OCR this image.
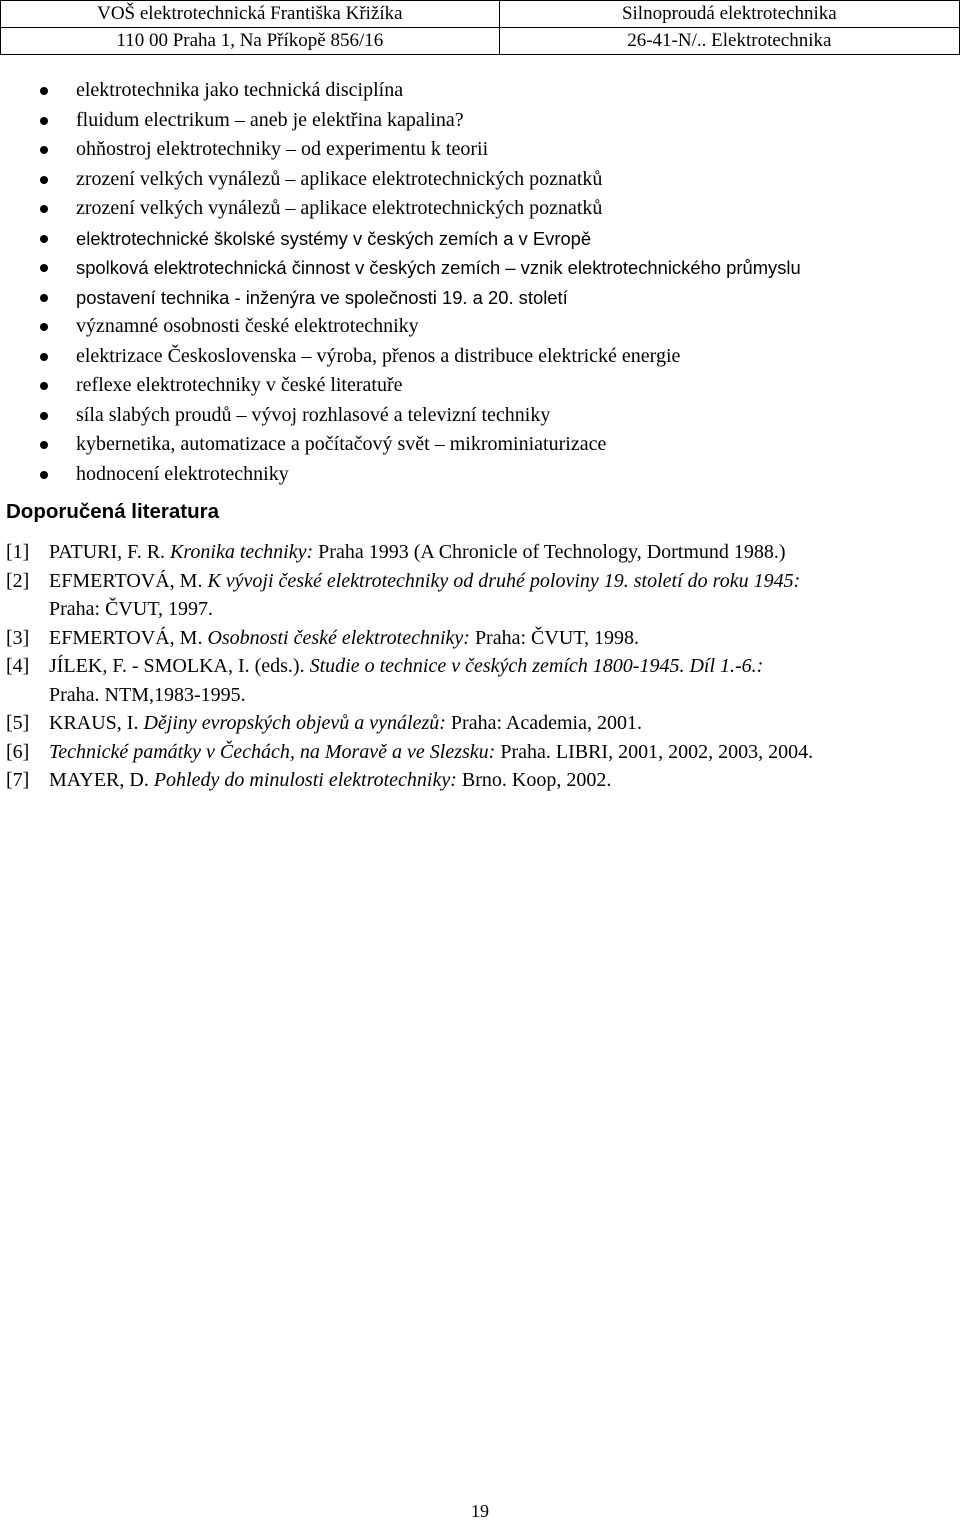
VOŠ elektrotechnická Františka Křižíka	Silnoproudá elektrotechnika
110 00 Praha 1, Na Příkopě 856/16	26-41-N/.. Elektrotechnika
elektrotechnika jako technická disciplína
fluidum electrikum – aneb je elektřina kapalina?
ohňostroj elektrotechniky – od experimentu k teorii
zrození velkých vynálezů – aplikace elektrotechnických poznatků
zrození velkých vynálezů – aplikace elektrotechnických poznatků
elektrotechnické školské systémy v českých zemích a v Evropě
spolková elektrotechnická činnost v českých zemích – vznik elektrotechnického průmyslu
postavení technika - inženýra ve společnosti 19. a 20. století
významné osobnosti české elektrotechniky
elektrizace Československa – výroba, přenos a distribuce elektrické energie
reflexe elektrotechniky v české literatuře
síla slabých proudů – vývoj rozhlasové a televizní techniky
kybernetika, automatizace a počítačový svět – mikrominiaturizace
hodnocení elektrotechniky
Doporučená literatura
[1] PATURI, F. R. Kronika techniky: Praha 1993 (A Chronicle of Technology, Dortmund 1988.)
[2] EFMERTOVÁ, M. K vývoji české elektrotechniky od druhé poloviny 19. století do roku 1945:
Praha: ČVUT, 1997.
[3] EFMERTOVÁ, M. Osobnosti české elektrotechniky: Praha: ČVUT, 1998.
[4] JÍLEK, F. - SMOLKA, I. (eds.). Studie o technice v českých zemích 1800-1945. Díl 1.-6.:
Praha. NTM,1983-1995.
[5] KRAUS, I. Dějiny evropských objevů a vynálezů: Praha: Academia, 2001.
[6] Technické památky v Čechách, na Moravě a ve Slezsku: Praha. LIBRI, 2001, 2002, 2003, 2004.
[7] MAYER, D. Pohledy do minulosti elektrotechniky: Brno. Koop, 2002.
19
